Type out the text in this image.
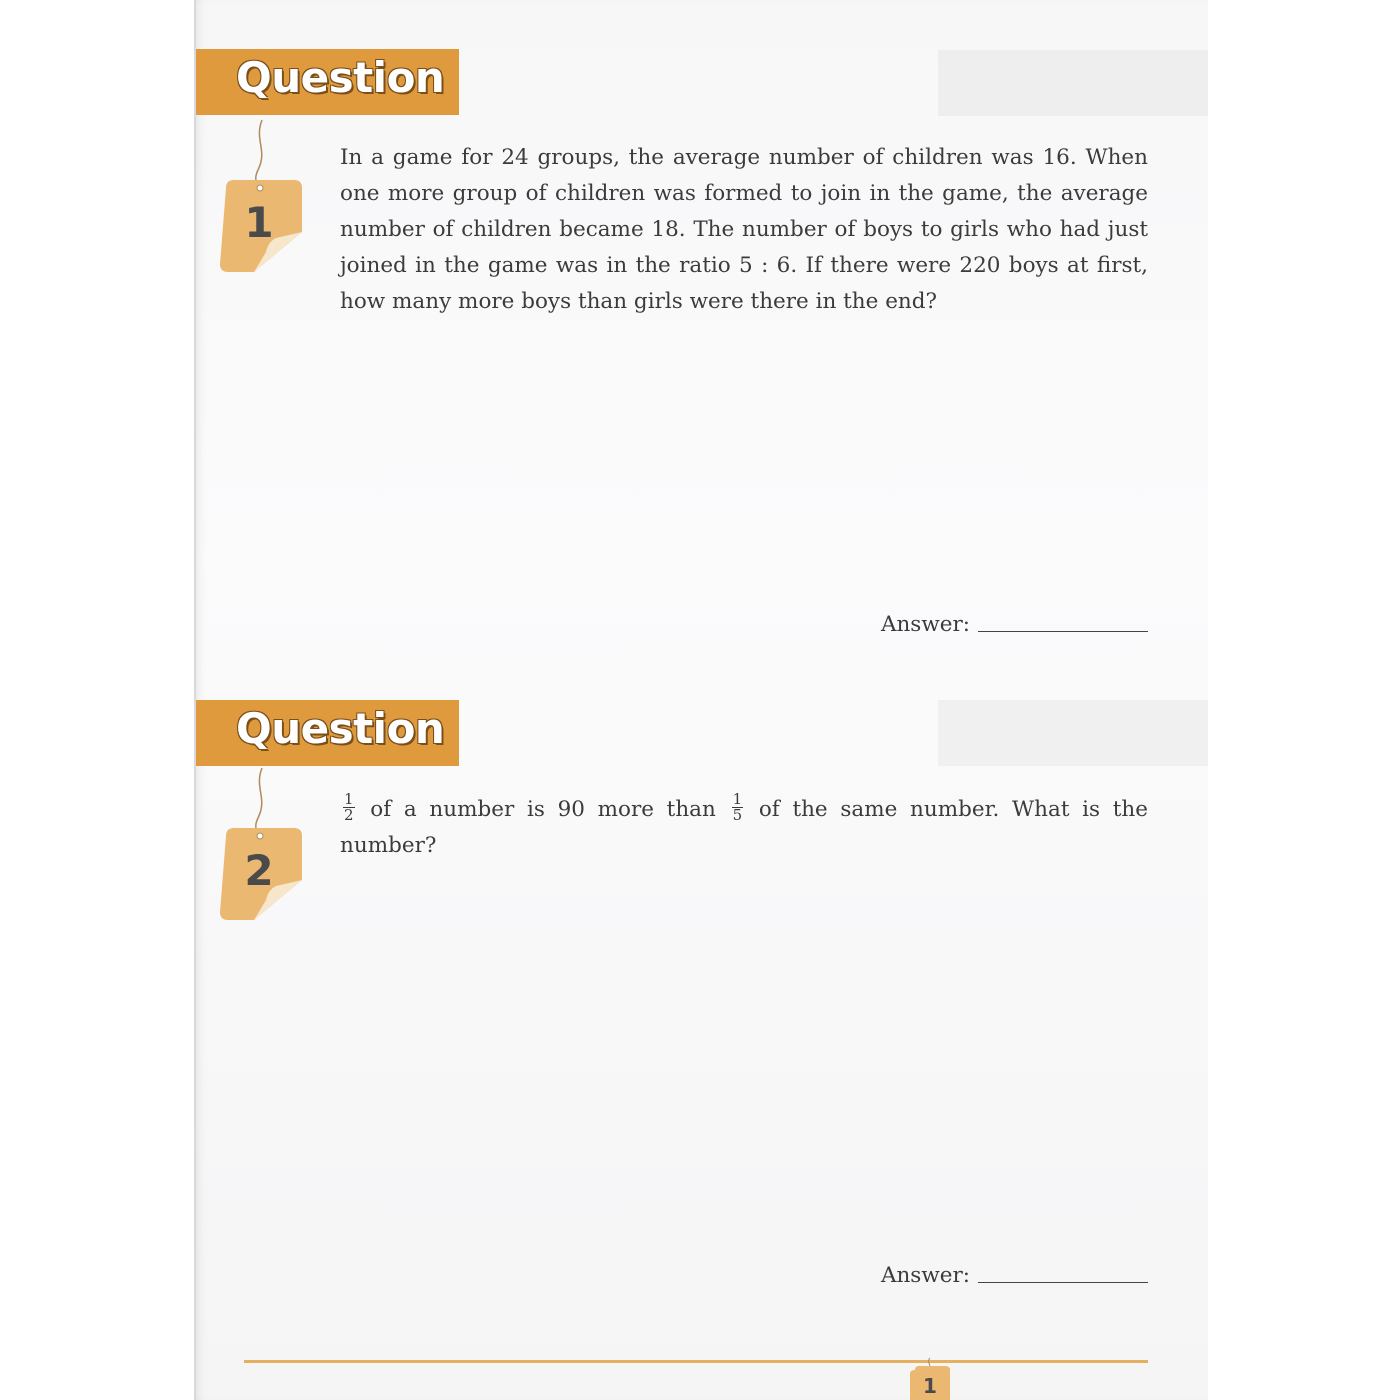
Question
1

In a game for 24 groups, the average number of children was 16. When one more group of children was formed to join in the game, the average number of children became 18. The number of boys to girls who had just joined in the game was in the ratio 5 : 6. If there were 220 boys at first, how many more boys than girls were there in the end?

Answer:
Question
2
$\frac{1}{2}$ of a number is 90 more than $\frac{1}{5}$ of the same number. What is the number?
Answer:
1
